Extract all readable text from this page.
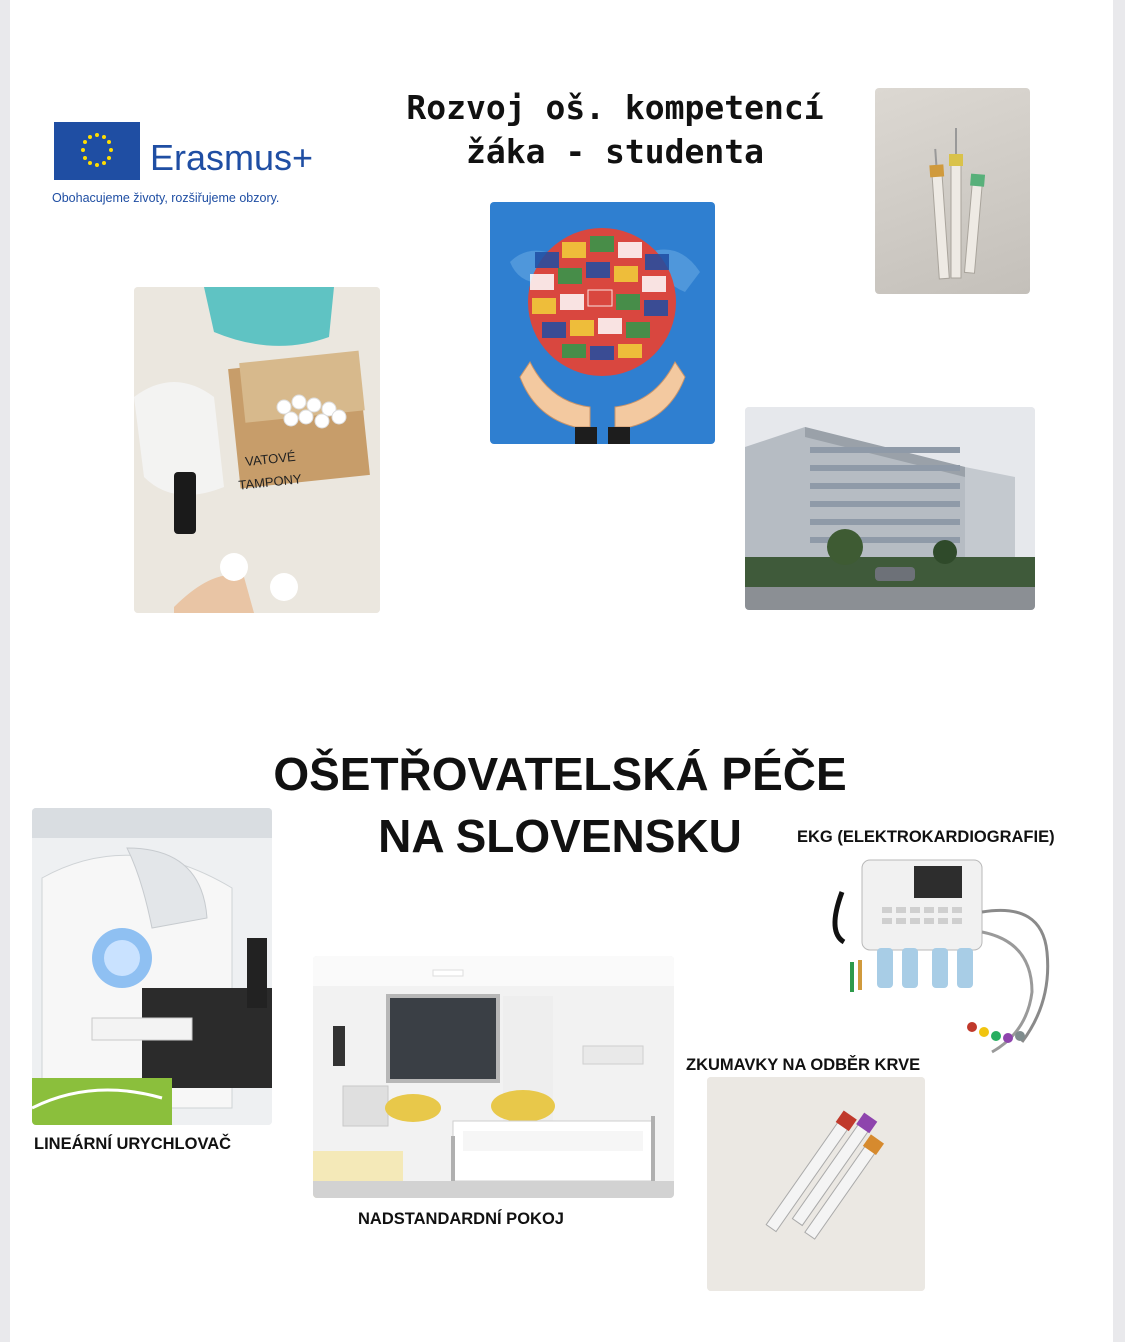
Erasmus+
Obohacujeme životy, rozšiřujeme obzory.
Rozvoj oš. kompetencí
žáka - studenta
VATOVÉ
TAMPONY
OŠETŘOVATELSKÁ PÉČE
NA SLOVENSKU	EKG (ELEKTROKARDIOGRAFIE)
LINEÁRNÍ URYCHLOVAČ
NADSTANDARDNÍ POKOJ
ZKUMAVKY NA ODBĚR KRVE
